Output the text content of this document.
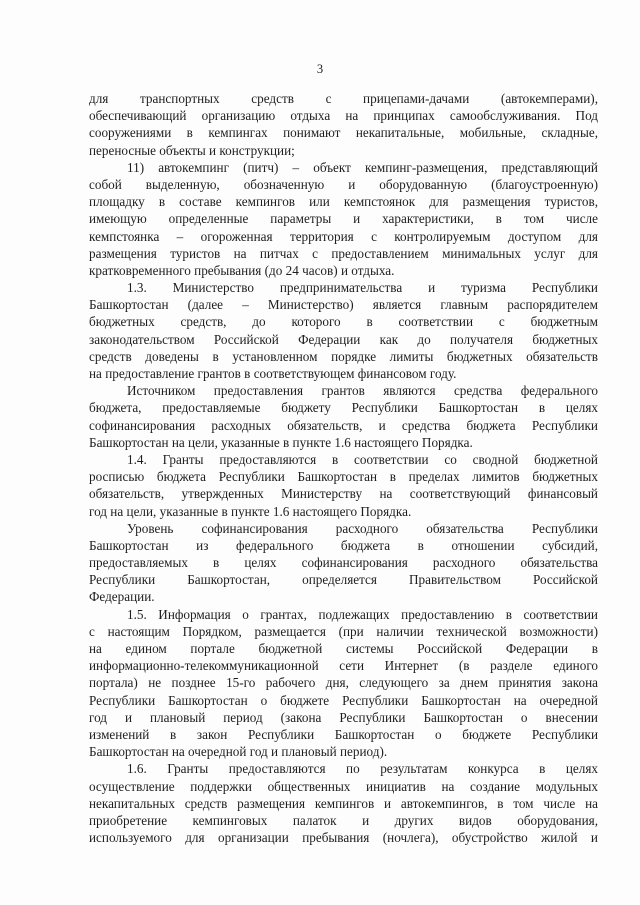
3
для транспортных средств с прицепами-дачами (автокемперами),
обеспечивающий организацию отдыха на принципах самообслуживания. Под
сооружениями в кемпингах понимают некапитальные, мобильные, складные,
переносные объекты и конструкции;
11) автокемпинг (питч) – объект кемпинг-размещения, представляющий
собой выделенную, обозначенную и оборудованную (благоустроенную)
площадку в составе кемпингов или кемпстоянок для размещения туристов,
имеющую определенные параметры и характеристики, в том числе
кемпстоянка – огороженная территория с контролируемым доступом для
размещения туристов на питчах с предоставлением минимальных услуг для
кратковременного пребывания (до 24 часов) и отдыха.
1.3. Министерство предпринимательства и туризма Республики
Башкортостан (далее – Министерство) является главным распорядителем
бюджетных средств, до которого в соответствии с бюджетным
законодательством Российской Федерации как до получателя бюджетных
средств доведены в установленном порядке лимиты бюджетных обязательств
на предоставление грантов в соответствующем финансовом году.
Источником предоставления грантов являются средства федерального
бюджета, предоставляемые бюджету Республики Башкортостан в целях
софинансирования расходных обязательств, и средства бюджета Республики
Башкортостан на цели, указанные в пункте 1.6 настоящего Порядка.
1.4. Гранты предоставляются в соответствии со сводной бюджетной
росписью бюджета Республики Башкортостан в пределах лимитов бюджетных
обязательств, утвержденных Министерству на соответствующий финансовый
год на цели, указанные в пункте 1.6 настоящего Порядка.
Уровень софинансирования расходного обязательства Республики
Башкортостан из федерального бюджета в отношении субсидий,
предоставляемых в целях софинансирования расходного обязательства
Республики Башкортостан, определяется Правительством Российской
Федерации.
1.5. Информация о грантах, подлежащих предоставлению в соответствии
с настоящим Порядком, размещается (при наличии технической возможности)
на едином портале бюджетной системы Российской Федерации в
информационно-телекоммуникационной сети Интернет (в разделе единого
портала) не позднее 15-го рабочего дня, следующего за днем принятия закона
Республики Башкортостан о бюджете Республики Башкортостан на очередной
год и плановый период (закона Республики Башкортостан о внесении
изменений в закон Республики Башкортостан о бюджете Республики
Башкортостан на очередной год и плановый период).
1.6. Гранты предоставляются по результатам конкурса в целях
осуществление поддержки общественных инициатив на создание модульных
некапитальных средств размещения кемпингов и автокемпингов, в том числе на
приобретение кемпинговых палаток и других видов оборудования,
используемого для организации пребывания (ночлега), обустройство жилой и
